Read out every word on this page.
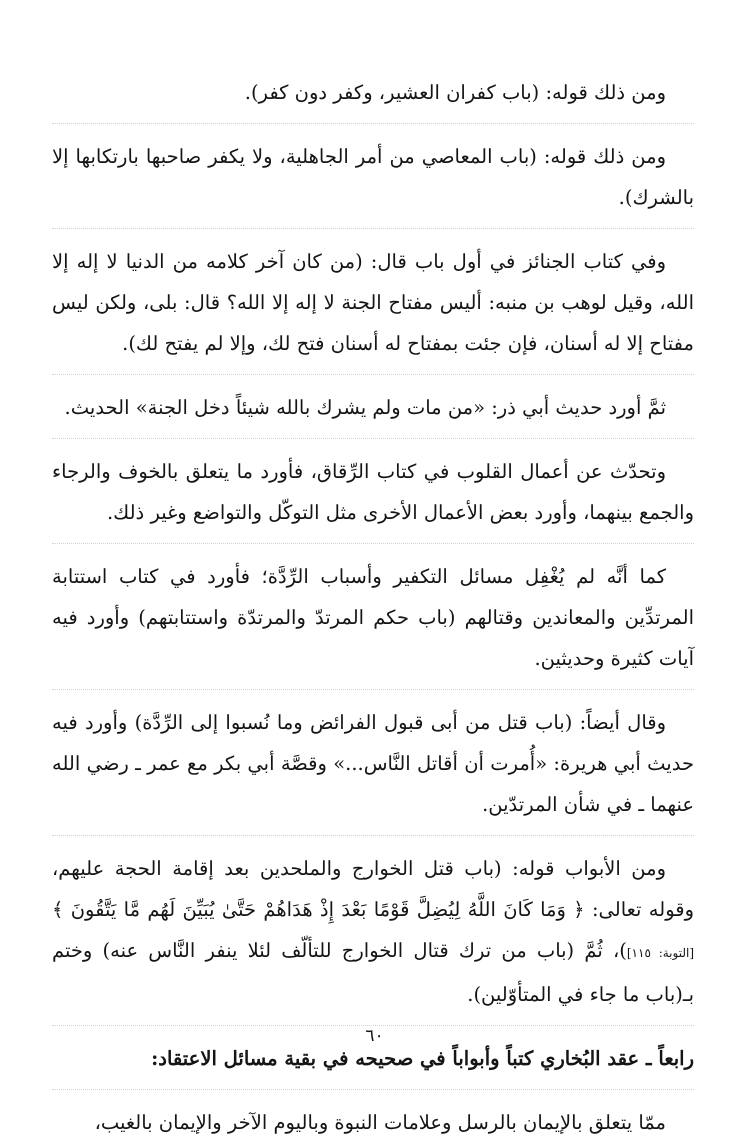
ومن ذلك قوله: (باب كفران العشير، وكفر دون كفر).

ومن ذلك قوله: (باب المعاصي من أمر الجاهلية، ولا يكفر صاحبها بارتكابها إلا بالشرك).

وفي كتاب الجنائز في أول باب قال: (من كان آخر كلامه من الدنيا لا إله إلا الله، وقيل لوهب بن منبه: أليس مفتاح الجنة لا إله إلا الله؟ قال: بلى، ولكن ليس مفتاح إلا له أسنان، فإن جئت بمفتاح له أسنان فتح لك، وإلا لم يفتح لك).

ثمَّ أورد حديث أبي ذر: «من مات ولم يشرك بالله شيئاً دخل الجنة» الحديث.

وتحدّث عن أعمال القلوب في كتاب الرِّقاق، فأورد ما يتعلق بالخوف والرجاء والجمع بينهما، وأورد بعض الأعمال الأخرى مثل التوكّل والتواضع وغير ذلك.

كما أنَّه لم يُغْفِل مسائل التكفير وأسباب الرِّدَّة؛ فأورد في كتاب استتابة المرتدِّين والمعاندين وقتالهم (باب حكم المرتدّ والمرتدّة واستتابتهم) وأورد فيه آيات كثيرة وحديثين.

وقال أيضاً: (باب قتل من أبى قبول الفرائض وما نُسبوا إلى الرِّدَّة) وأورد فيه حديث أبي هريرة: «أُمرت أن أقاتل النَّاس...» وقصَّة أبي بكر مع عمر ـ رضي الله عنهما ـ في شأن المرتدّين.

ومن الأبواب قوله: (باب قتل الخوارج والملحدين بعد إقامة الحجة عليهم، وقوله تعالى: ﴿ وَمَا كَانَ اللَّهُ لِيُضِلَّ قَوْمًا بَعْدَ إِذْ هَدَاهُمْ حَتَّىٰ يُبَيِّنَ لَهُم مَّا يَتَّقُونَ ﴾ [التوبة: ١١٥])، ثُمَّ (باب من ترك قتال الخوارج للتألّف لئلا ينفر النَّاس عنه) وختم بـ(باب ما جاء في المتأوّلين).

رابعاً ـ عقد البُخاري كتباً وأبواباً في صحيحه في بقية مسائل الاعتقاد:

ممّا يتعلق بالإيمان بالرسل وعلامات النبوة وباليوم الآخر والإيمان بالغيب،

٦٠
